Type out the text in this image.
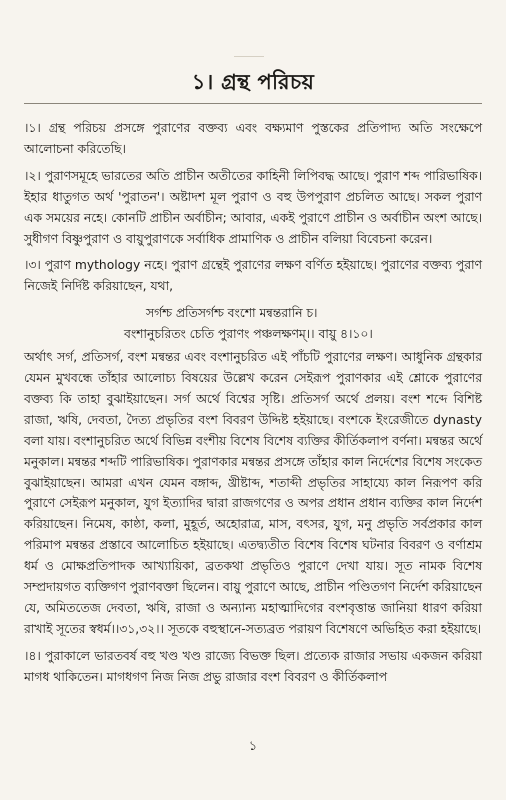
১। গ্রন্থ পরিচয়

।১। গ্রন্থ পরিচয় প্রসঙ্গে পুরাণের বক্তব্য এবং বক্ষ্যমাণ পুস্তকের প্রতিপাদ্য অতি সংক্ষেপে আলোচনা করিতেছি।

।২। পুরাণসমূহে ভারতের অতি প্রাচীন অতীতের কাহিনী লিপিবদ্ধ আছে। পুরাণ শব্দ পারিভাষিক। ইহার ধাতুগত অর্থ 'পুরাতন'। অষ্টাদশ মূল পুরাণ ও বহু উপপুরাণ প্রচলিত আছে। সকল পুরাণ এক সময়ের নহে। কোনটি প্রাচীন অর্বাচীন; আবার, একই পুরাণে প্রাচীন ও অর্বাচীন অংশ আছে। সুধীগণ বিষ্ণুপুরাণ ও বায়ুপুরাণকে সর্বাধিক প্রামাণিক ও প্রাচীন বলিয়া বিবেচনা করেন।

।৩। পুরাণ mythology নহে। পুরাণ গ্রন্থেই পুরাণের লক্ষণ বর্ণিত হইয়াছে। পুরাণের বক্তব্য পুরাণ নিজেই নির্দিষ্ট করিয়াছেন, যথা,

সর্গশ্চ প্রতিসর্গশ্চ বংশো মন্বন্তরানি চ।

বংশানুচরিতং চেতি পুরাণং পঞ্চলক্ষণম্।। বায়ু ৪।১০।

অর্থাৎ সর্গ, প্রতিসর্গ, বংশ মন্বন্তর এবং বংশানুচরিত এই পাঁচটি পুরাণের লক্ষণ। আধুনিক গ্রন্থকার যেমন মুখবন্ধে তাঁহার আলোচ্য বিষয়ের উল্লেখ করেন সেইরূপ পুরাণকার এই শ্লোকে পুরাণের বক্তব্য কি তাহা বুঝাইয়াছেন। সর্গ অর্থে বিশ্বের সৃষ্টি। প্রতিসর্গ অর্থে প্রলয়। বংশ শব্দে বিশিষ্ট রাজা, ঋষি, দেবতা, দৈত্য প্রভৃতির বংশ বিবরণ উদ্দিষ্ট হইয়াছে। বংশকে ইংরেজীতে dynasty বলা যায়। বংশানুচরিত অর্থে বিভিন্ন বংশীয় বিশেষ বিশেষ ব্যক্তির কীর্তিকলাপ বর্ণনা। মন্বন্তর অর্থে মনুকাল। মন্বন্তর শব্দটি পারিভাষিক। পুরাণকার মন্বন্তর প্রসঙ্গে তাঁহার কাল নির্দেশের বিশেষ সংকেত বুঝাইয়াছেন। আমরা এখন যেমন বঙ্গাব্দ, খ্রীষ্টাব্দ, শতাব্দী প্রভৃতির সাহায্যে কাল নিরূপণ করি পুরাণে সেইরূপ মনুকাল, যুগ ইত্যাদির দ্বারা রাজগণের ও অপর প্রধান প্রধান ব্যক্তির কাল নির্দেশ করিয়াছেন। নিমেষ, কাষ্ঠা, কলা, মুহূর্ত, অহোরাত্র, মাস, বৎসর, যুগ, মনু প্রভৃতি সর্বপ্রকার কাল পরিমাপ মন্বন্তর প্রস্তাবে আলোচিত হইয়াছে। এতদ্ব্যতীত বিশেষ বিশেষ ঘটনার বিবরণ ও বর্ণাশ্রম ধর্ম ও মোক্ষপ্রতিপাদক আখ্যায়িকা, ব্রতকথা প্রভৃতিও পুরাণে দেখা যায়। সূত নামক বিশেষ সম্প্রদায়গত ব্যক্তিগণ পুরাণবক্তা ছিলেন। বায়ু পুরাণে আছে, প্রাচীন পণ্ডিতগণ নির্দেশ করিয়াছেন যে, অমিততেজ দেবতা, ঋষি, রাজা ও অন্যান্য মহাত্মাদিগের বংশবৃত্তান্ত জানিয়া ধারণ করিয়া রাখাই সূতের স্বধর্ম।।৩১,৩২।। সূতকে বহুস্থানে-সত্যব্রত পরায়ণ বিশেষণে অভিহিত করা হইয়াছে।

।৪। পুরাকালে ভারতবর্ষ বহু খণ্ড খণ্ড রাজ্যে বিভক্ত ছিল। প্রত্যেক রাজার সভায় একজন করিয়া মাগধ থাকিতেন। মাগধগণ নিজ নিজ প্রভু রাজার বংশ বিবরণ ও কীর্তিকলাপ

১
